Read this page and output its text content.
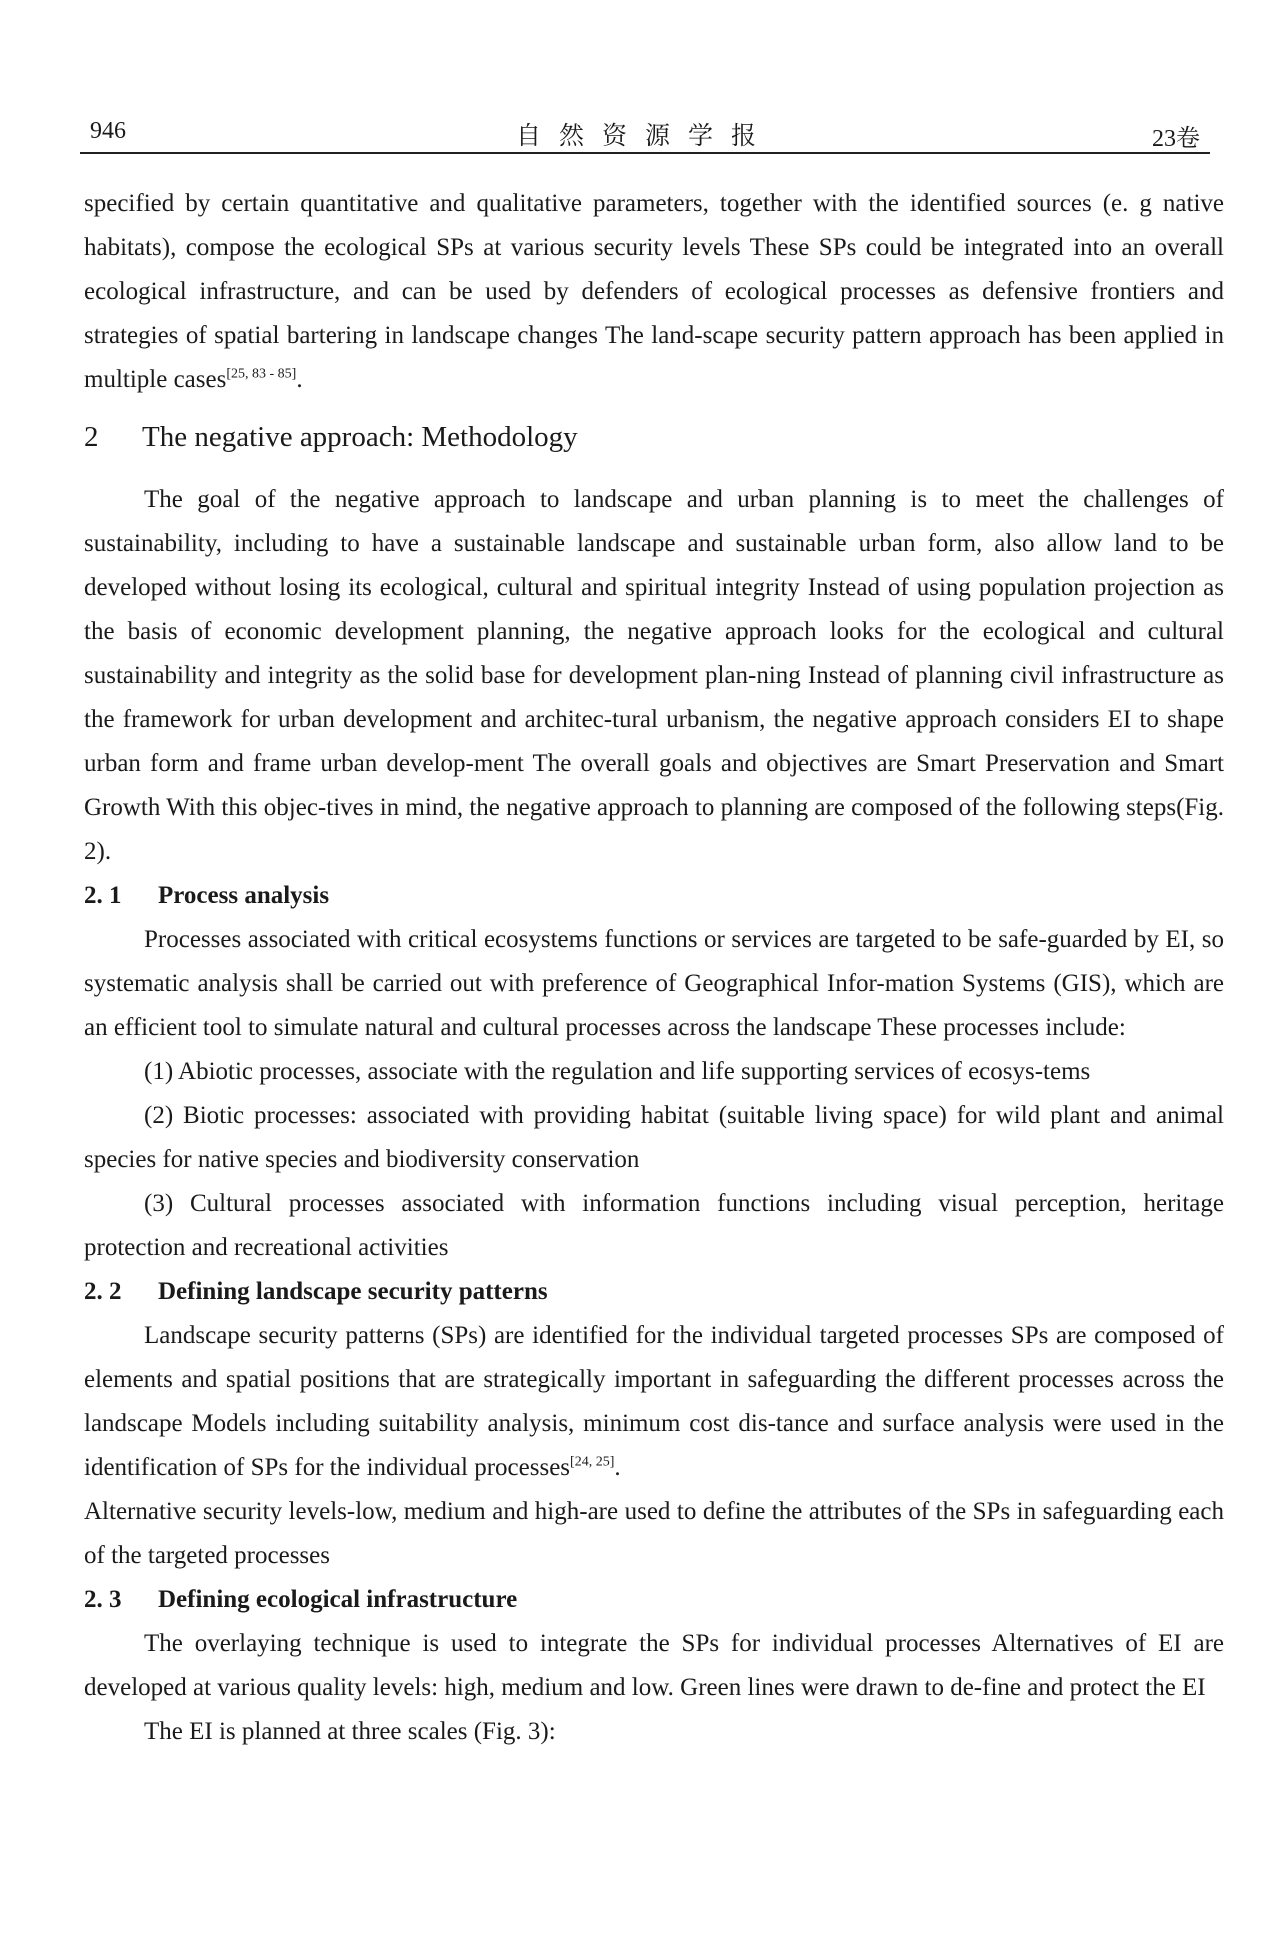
946	自然资源学报	23卷

specified by certain quantitative and qualitative parameters, together with the identified sources (e. g native habitats), compose the ecological SPs at various security levels These SPs could be integrated into an overall ecological infrastructure, and can be used by defenders of ecological processes as defensive frontiers and strategies of spatial bartering in landscape changes The land-scape security pattern approach has been applied in multiple cases[25, 83 - 85].

2 The negative approach: Methodology

The goal of the negative approach to landscape and urban planning is to meet the challenges of sustainability, including to have a sustainable landscape and sustainable urban form, also allow land to be developed without losing its ecological, cultural and spiritual integrity Instead of using population projection as the basis of economic development planning, the negative approach looks for the ecological and cultural sustainability and integrity as the solid base for development plan-ning Instead of planning civil infrastructure as the framework for urban development and architec-tural urbanism, the negative approach considers EI to shape urban form and frame urban develop-ment The overall goals and objectives are Smart Preservation and Smart Growth With this objec-tives in mind, the negative approach to planning are composed of the following steps(Fig. 2).

2. 1 Process analysis

Processes associated with critical ecosystems functions or services are targeted to be safe-guarded by EI, so systematic analysis shall be carried out with preference of Geographical Infor-mation Systems (GIS), which are an efficient tool to simulate natural and cultural processes across the landscape These processes include:

(1) Abiotic processes, associate with the regulation and life supporting services of ecosys-tems

(2) Biotic processes: associated with providing habitat (suitable living space) for wild plant and animal species for native species and biodiversity conservation

(3) Cultural processes associated with information functions including visual perception, heritage protection and recreational activities

2. 2 Defining landscape security patterns

Landscape security patterns (SPs) are identified for the individual targeted processes SPs are composed of elements and spatial positions that are strategically important in safeguarding the different processes across the landscape Models including suitability analysis, minimum cost dis-tance and surface analysis were used in the identification of SPs for the individual processes[24, 25].

Alternative security levels-low, medium and high-are used to define the attributes of the SPs in safeguarding each of the targeted processes

2. 3 Defining ecological infrastructure

The overlaying technique is used to integrate the SPs for individual processes Alternatives of EI are developed at various quality levels: high, medium and low. Green lines were drawn to de-fine and protect the EI

The EI is planned at three scales (Fig. 3):
